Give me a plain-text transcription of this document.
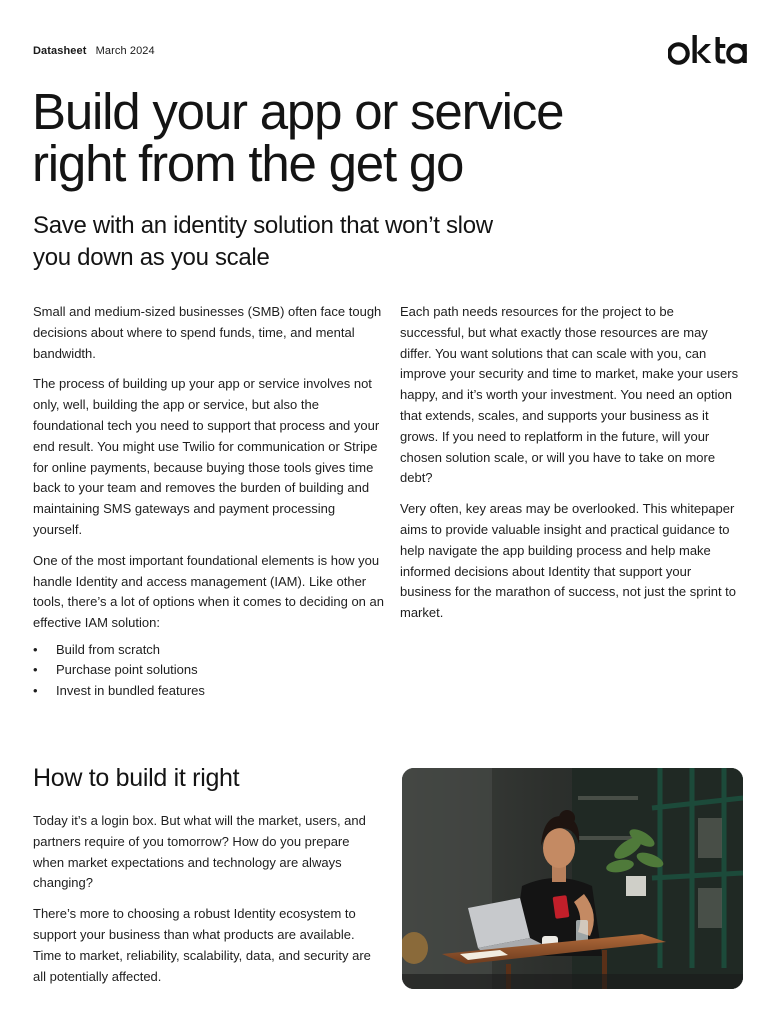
Datasheet March 2024
Build your app or service
right from the get go
Save with an identity solution that won’t slow
you down as you scale

Small and medium-sized businesses (SMB) often face tough decisions about where to spend funds, time, and mental bandwidth.

The process of building up your app or service involves not only, well, building the app or service, but also the foundational tech you need to support that process and your end result. You might use Twilio for communication or Stripe for online payments, because buying those tools gives time back to your team and removes the burden of building and maintaining SMS gateways and payment processing yourself.

One of the most important foundational elements is how you handle Identity and access management (IAM). Like other tools, there’s a lot of options when it comes to deciding on an effective IAM solution:

• Build from scratch
• Purchase point solutions
• Invest in bundled features

Each path needs resources for the project to be successful, but what exactly those resources are may differ. You want solutions that can scale with you, can improve your security and time to market, make your users happy, and it’s worth your investment. You need an option that extends, scales, and supports your business as it grows. If you need to replatform in the future, will your chosen solution scale, or will you have to take on more debt?

Very often, key areas may be overlooked. This whitepaper aims to provide valuable insight and practical guidance to help navigate the app building process and help make informed decisions about Identity that support your business for the marathon of success, not just the sprint to market.

How to build it right

Today it’s a login box. But what will the market, users, and partners require of you tomorrow? How do you prepare when market expectations and technology are always changing?

There’s more to choosing a robust Identity ecosystem to support your business than what products are available. Time to market, reliability, scalability, data, and security are all potentially affected.
